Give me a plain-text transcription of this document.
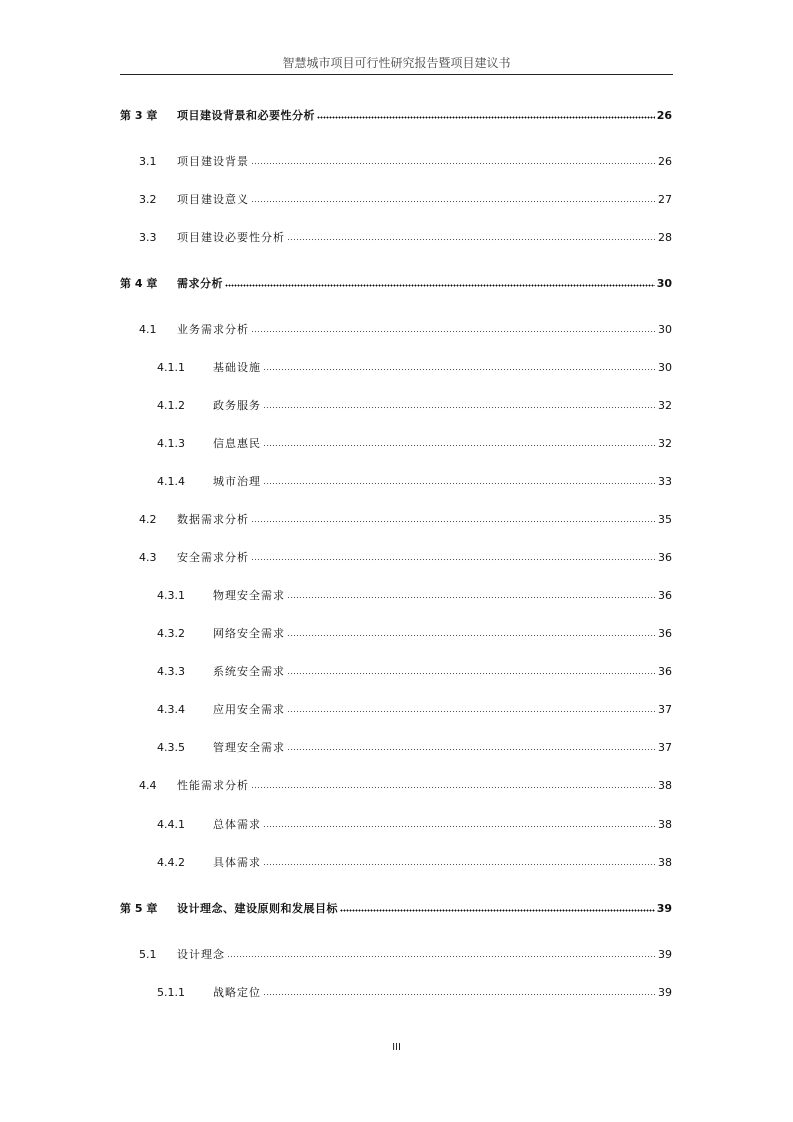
智慧城市项目可行性研究报告暨项目建议书
第 3 章	项目建设背景和必要性分析	26
3.1	项目建设背景	26
3.2	项目建设意义	27
3.3	项目建设必要性分析	28
第 4 章	需求分析	30
4.1	业务需求分析	30
4.1.1	基础设施	30
4.1.2	政务服务	32
4.1.3	信息惠民	32
4.1.4	城市治理	33
4.2	数据需求分析	35
4.3	安全需求分析	36
4.3.1	物理安全需求	36
4.3.2	网络安全需求	36
4.3.3	系统安全需求	36
4.3.4	应用安全需求	37
4.3.5	管理安全需求	37
4.4	性能需求分析	38
4.4.1	总体需求	38
4.4.2	具体需求	38
第 5 章	设计理念、建设原则和发展目标	39
5.1	设计理念	39
5.1.1	战略定位	39
III
